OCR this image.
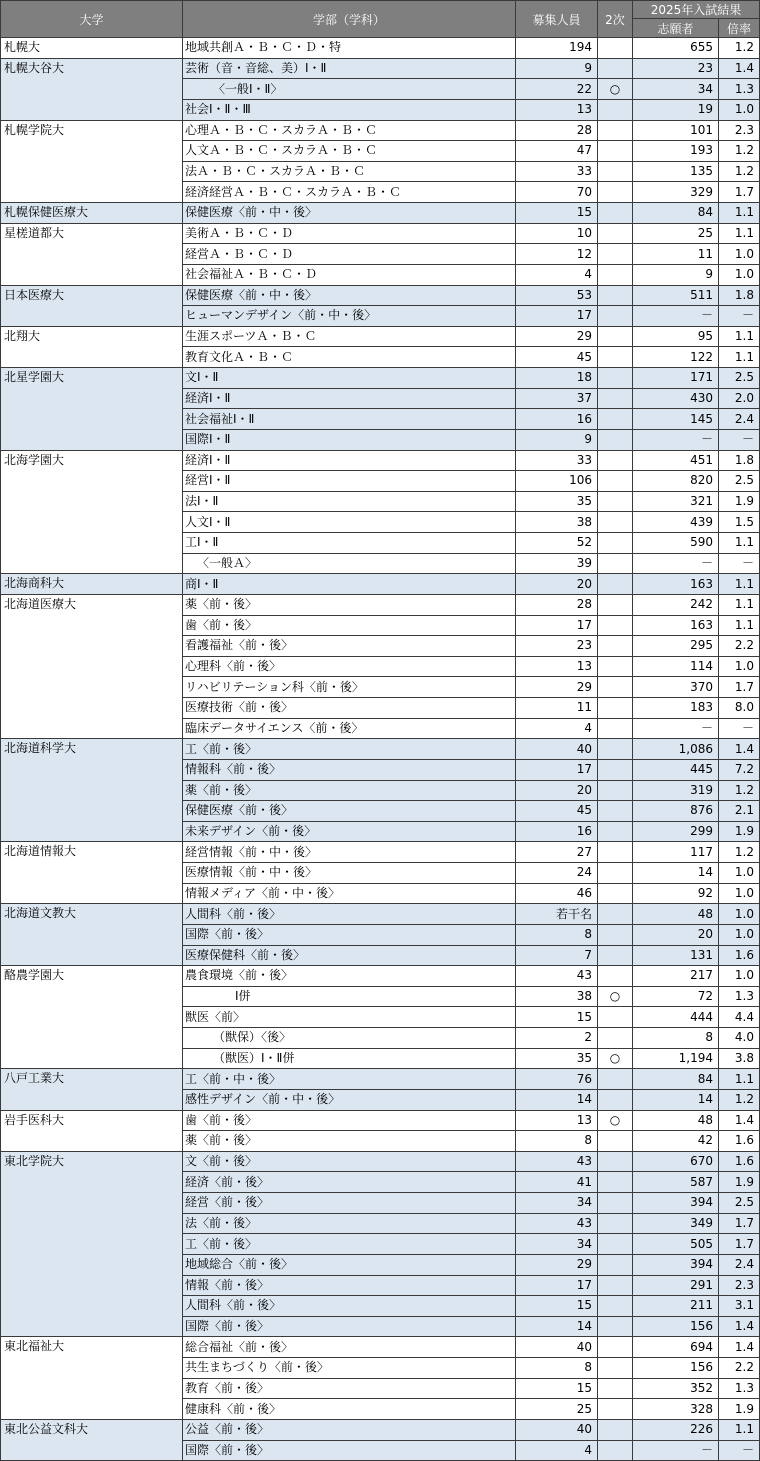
大学	学部（学科）	募集人員	2次	2025年入試結果	
				志願者	倍率
札幌大	地域共創Ａ・Ｂ・Ｃ・Ｄ・特	194		655	1.2
札幌大谷大	芸術（音・音総、美）Ⅰ・Ⅱ	9		23	1.4
	〈一般Ⅰ・Ⅱ〉	22	○	34	1.3
	社会Ⅰ・Ⅱ・Ⅲ	13		19	1.0
札幌学院大	心理Ａ・Ｂ・Ｃ・スカラＡ・Ｂ・Ｃ	28		101	2.3
	人文Ａ・Ｂ・Ｃ・スカラＡ・Ｂ・Ｃ	47		193	1.2
	法Ａ・Ｂ・Ｃ・スカラＡ・Ｂ・Ｃ	33		135	1.2
	経済経営Ａ・Ｂ・Ｃ・スカラＡ・Ｂ・Ｃ	70		329	1.7
札幌保健医療大	保健医療〈前・中・後〉	15		84	1.1
星槎道都大	美術Ａ・Ｂ・Ｃ・Ｄ	10		25	1.1
	経営Ａ・Ｂ・Ｃ・Ｄ	12		11	1.0
	社会福祉Ａ・Ｂ・Ｃ・Ｄ	4		9	1.0
日本医療大	保健医療〈前・中・後〉	53		511	1.8
	ヒューマンデザイン〈前・中・後〉	17		－	－
北翔大	生涯スポーツＡ・Ｂ・Ｃ	29		95	1.1
	教育文化Ａ・Ｂ・Ｃ	45		122	1.1
北星学園大	文Ⅰ・Ⅱ	18		171	2.5
	経済Ⅰ・Ⅱ	37		430	2.0
	社会福祉Ⅰ・Ⅱ	16		145	2.4
	国際Ⅰ・Ⅱ	9		－	－
北海学園大	経済Ⅰ・Ⅱ	33		451	1.8
	経営Ⅰ・Ⅱ	106		820	2.5
	法Ⅰ・Ⅱ	35		321	1.9
	人文Ⅰ・Ⅱ	38		439	1.5
	工Ⅰ・Ⅱ	52		590	1.1
	〈一般Ａ〉	39		－	－
北海商科大	商Ⅰ・Ⅱ	20		163	1.1
北海道医療大	薬〈前・後〉	28		242	1.1
	歯〈前・後〉	17		163	1.1
	看護福祉〈前・後〉	23		295	2.2
	心理科〈前・後〉	13		114	1.0
	リハビリテーション科〈前・後〉	29		370	1.7
	医療技術〈前・後〉	11		183	8.0
	臨床データサイエンス〈前・後〉	4		－	－
北海道科学大	工〈前・後〉	40		1,086	1.4
	情報科〈前・後〉	17		445	7.2
	薬〈前・後〉	20		319	1.2
	保健医療〈前・後〉	45		876	2.1
	未来デザイン〈前・後〉	16		299	1.9
北海道情報大	経営情報〈前・中・後〉	27		117	1.2
	医療情報〈前・中・後〉	24		14	1.0
	情報メディア〈前・中・後〉	46		92	1.0
北海道文教大	人間科〈前・後〉	若干名		48	1.0
	国際〈前・後〉	8		20	1.0
	医療保健科〈前・後〉	7		131	1.6
酪農学園大	農食環境〈前・後〉	43		217	1.0
	Ⅰ併	38	○	72	1.3
	獣医〈前〉	15		444	4.4
	（獣保）〈後〉	2		8	4.0
	（獣医）Ⅰ・Ⅱ併	35	○	1,194	3.8
八戸工業大	工〈前・中・後〉	76		84	1.1
	感性デザイン〈前・中・後〉	14		14	1.2
岩手医科大	歯〈前・後〉	13	○	48	1.4
	薬〈前・後〉	8		42	1.6
東北学院大	文〈前・後〉	43		670	1.6
	経済〈前・後〉	41		587	1.9
	経営〈前・後〉	34		394	2.5
	法〈前・後〉	43		349	1.7
	工〈前・後〉	34		505	1.7
	地域総合〈前・後〉	29		394	2.4
	情報〈前・後〉	17		291	2.3
	人間科〈前・後〉	15		211	3.1
	国際〈前・後〉	14		156	1.4
東北福祉大	総合福祉〈前・後〉	40		694	1.4
	共生まちづくり〈前・後〉	8		156	2.2
	教育〈前・後〉	15		352	1.3
	健康科〈前・後〉	25		328	1.9
東北公益文科大	公益〈前・後〉	40		226	1.1
	国際〈前・後〉	4		－	－
